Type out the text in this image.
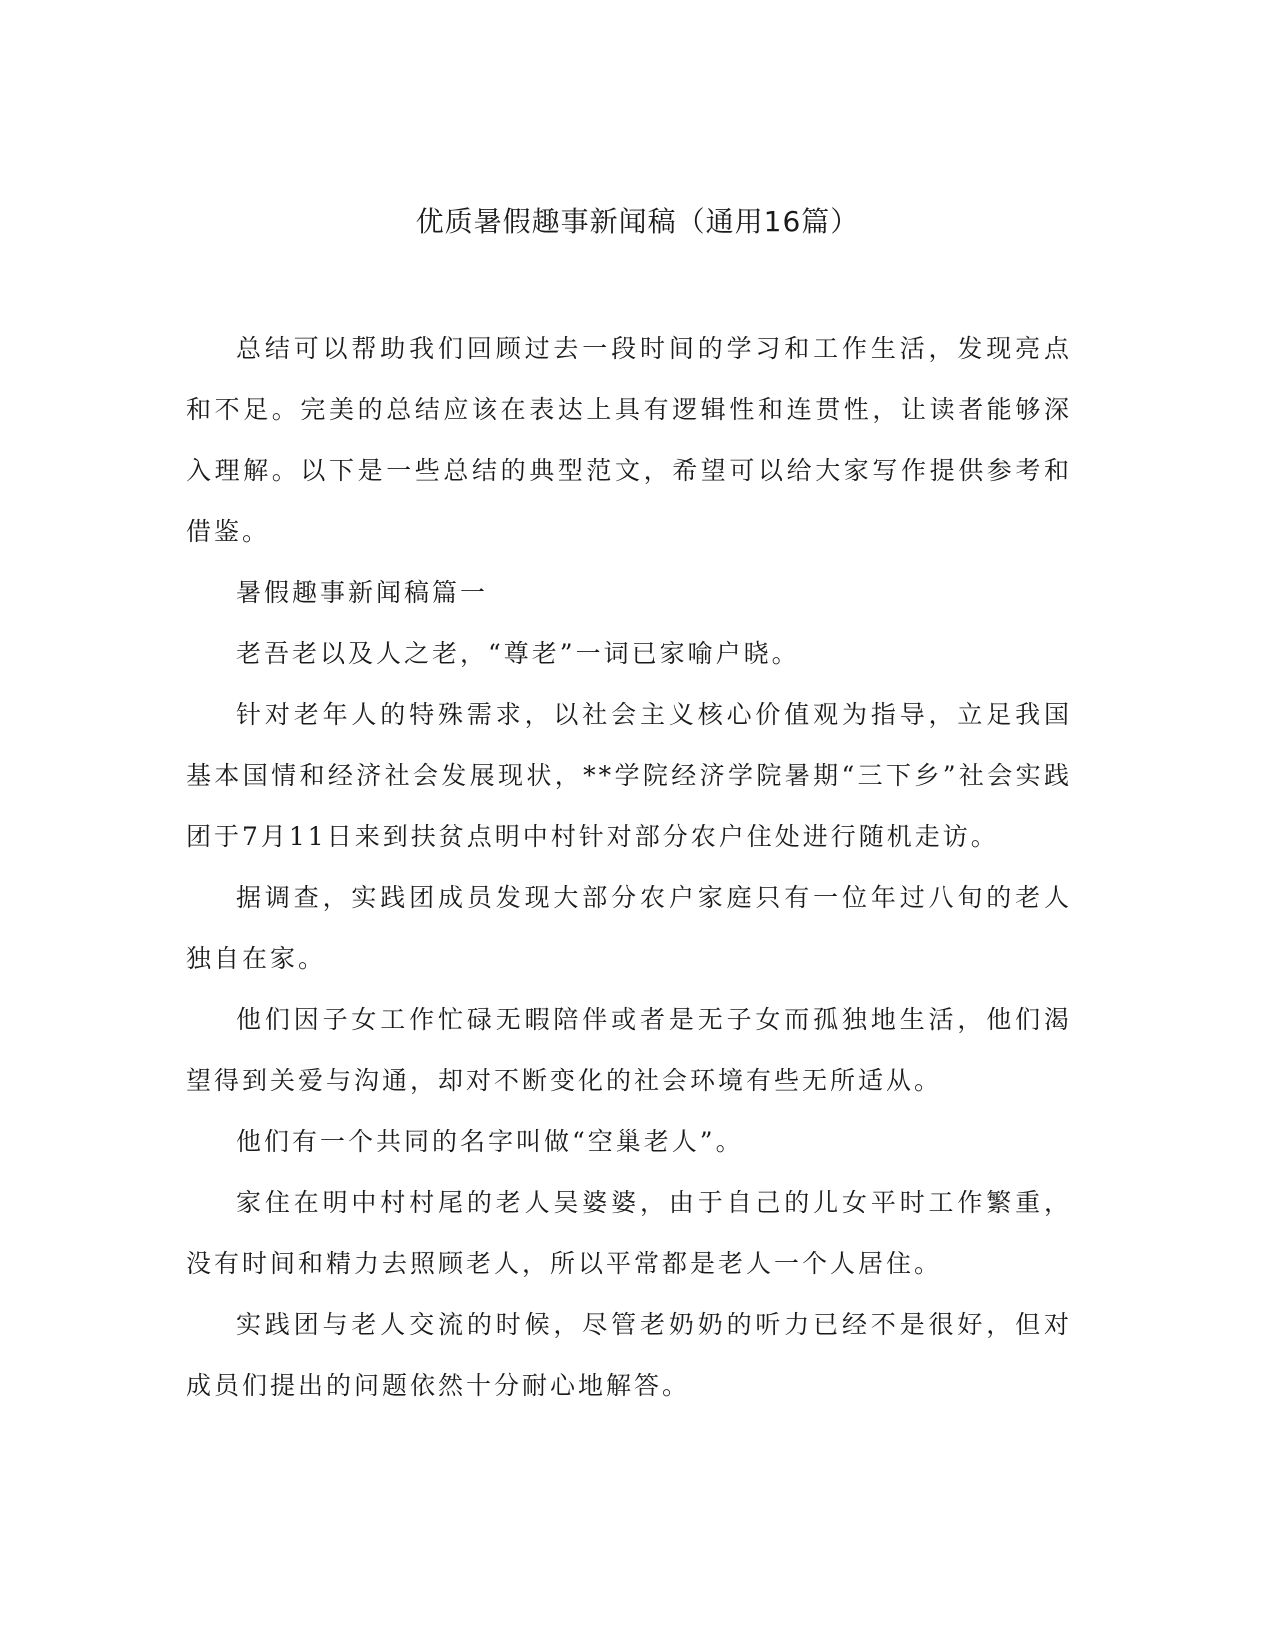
优质暑假趣事新闻稿（通用16篇）

总结可以帮助我们回顾过去一段时间的学习和工作生活，发现亮点和不足。完美的总结应该在表达上具有逻辑性和连贯性，让读者能够深入理解。以下是一些总结的典型范文，希望可以给大家写作提供参考和借鉴。

暑假趣事新闻稿篇一

老吾老以及人之老，“尊老”一词已家喻户晓。

针对老年人的特殊需求，以社会主义核心价值观为指导，立足我国基本国情和经济社会发展现状，**学院经济学院暑期“三下乡”社会实践团于7月11日来到扶贫点明中村针对部分农户住处进行随机走访。

据调查，实践团成员发现大部分农户家庭只有一位年过八旬的老人独自在家。

他们因子女工作忙碌无暇陪伴或者是无子女而孤独地生活，他们渴望得到关爱与沟通，却对不断变化的社会环境有些无所适从。

他们有一个共同的名字叫做“空巢老人”。

家住在明中村村尾的老人吴婆婆，由于自己的儿女平时工作繁重，没有时间和精力去照顾老人，所以平常都是老人一个人居住。

实践团与老人交流的时候，尽管老奶奶的听力已经不是很好，但对成员们提出的问题依然十分耐心地解答。
